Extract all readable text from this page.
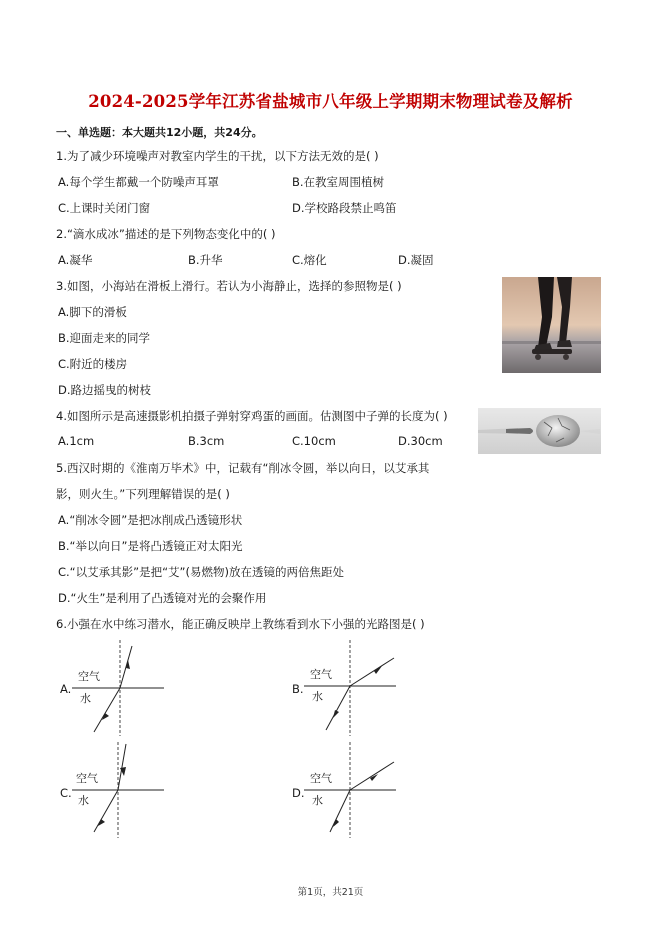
2024-2025学年江苏省盐城市八年级上学期期末物理试卷及解析
一、单选题：本大题共12小题，共24分。
1.为了减少环境噪声对教室内学生的干扰，以下方法无效的是( )
A.每个学生都戴一个防噪声耳罩	B.在教室周围植树
C.上课时关闭门窗	D.学校路段禁止鸣笛
2.“滴水成冰”描述的是下列物态变化中的( )
A.凝华	B.升华	C.熔化	D.凝固
3.如图，小海站在滑板上滑行。若认为小海静止，选择的参照物是( )
A.脚下的滑板
B.迎面走来的同学
C.附近的楼房
D.路边摇曳的树枝
4.如图所示是高速摄影机拍摄子弹射穿鸡蛋的画面。估测图中子弹的长度为( )
A.1cm	B.3cm	C.10cm	D.30cm
5.西汉时期的《淮南万毕术》中，记载有“削冰令圆，举以向日，以艾承其
影，则火生。”下列理解错误的是( )
A.“削冰令圆”是把冰削成凸透镜形状
B.“举以向日”是将凸透镜正对太阳光
C.“以艾承其影”是把“艾”(易燃物)放在透镜的两倍焦距处
D.“火生”是利用了凸透镜对光的会聚作用
6.小强在水中练习潜水，能正确反映岸上教练看到水下小强的光路图是( )
A.
空气
水
B.
空气
水
C.
空气
水
D.
空气
水
第1页，共21页
